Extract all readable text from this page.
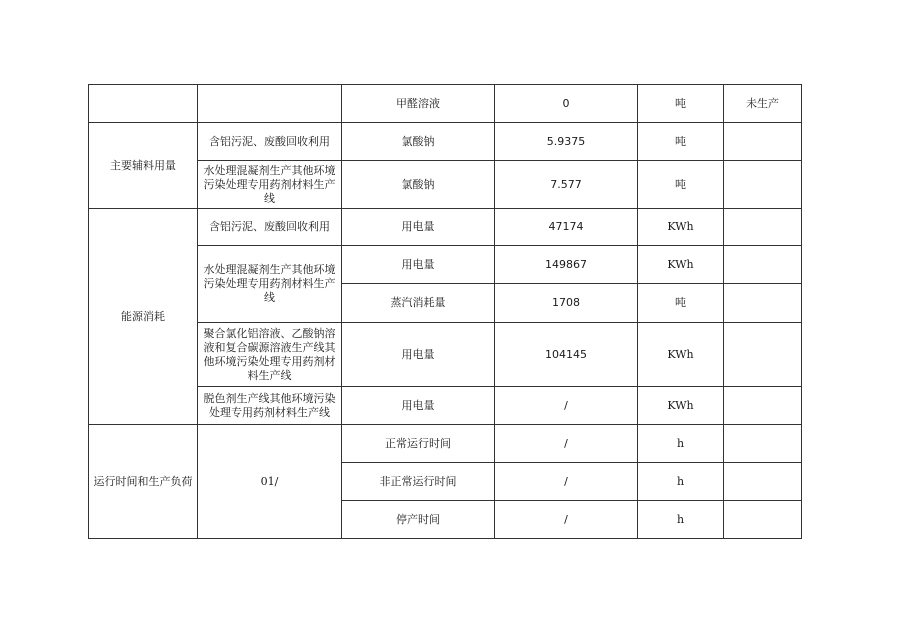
		甲醛溶液	0	吨	未生产
主要辅料用量	含铝污泥、废酸回收利用	氯酸钠	5.9375	吨	
	水处理混凝剂生产其他环境污染处理专用药剂材料生产线	氯酸钠	7.577	吨	
能源消耗	含铝污泥、废酸回收利用	用电量	47174	KWh	
	水处理混凝剂生产其他环境污染处理专用药剂材料生产线	用电量	149867	KWh	
		蒸汽消耗量	1708	吨	
	聚合氯化铝溶液、乙酸钠溶液和复合碳源溶液生产线其他环境污染处理专用药剂材料生产线	用电量	104145	KWh	
	脱色剂生产线其他环境污染处理专用药剂材料生产线	用电量	/	KWh	
运行时间和生产负荷	01/	正常运行时间	/	h	
		非正常运行时间	/	h	
		停产时间	/	h	
